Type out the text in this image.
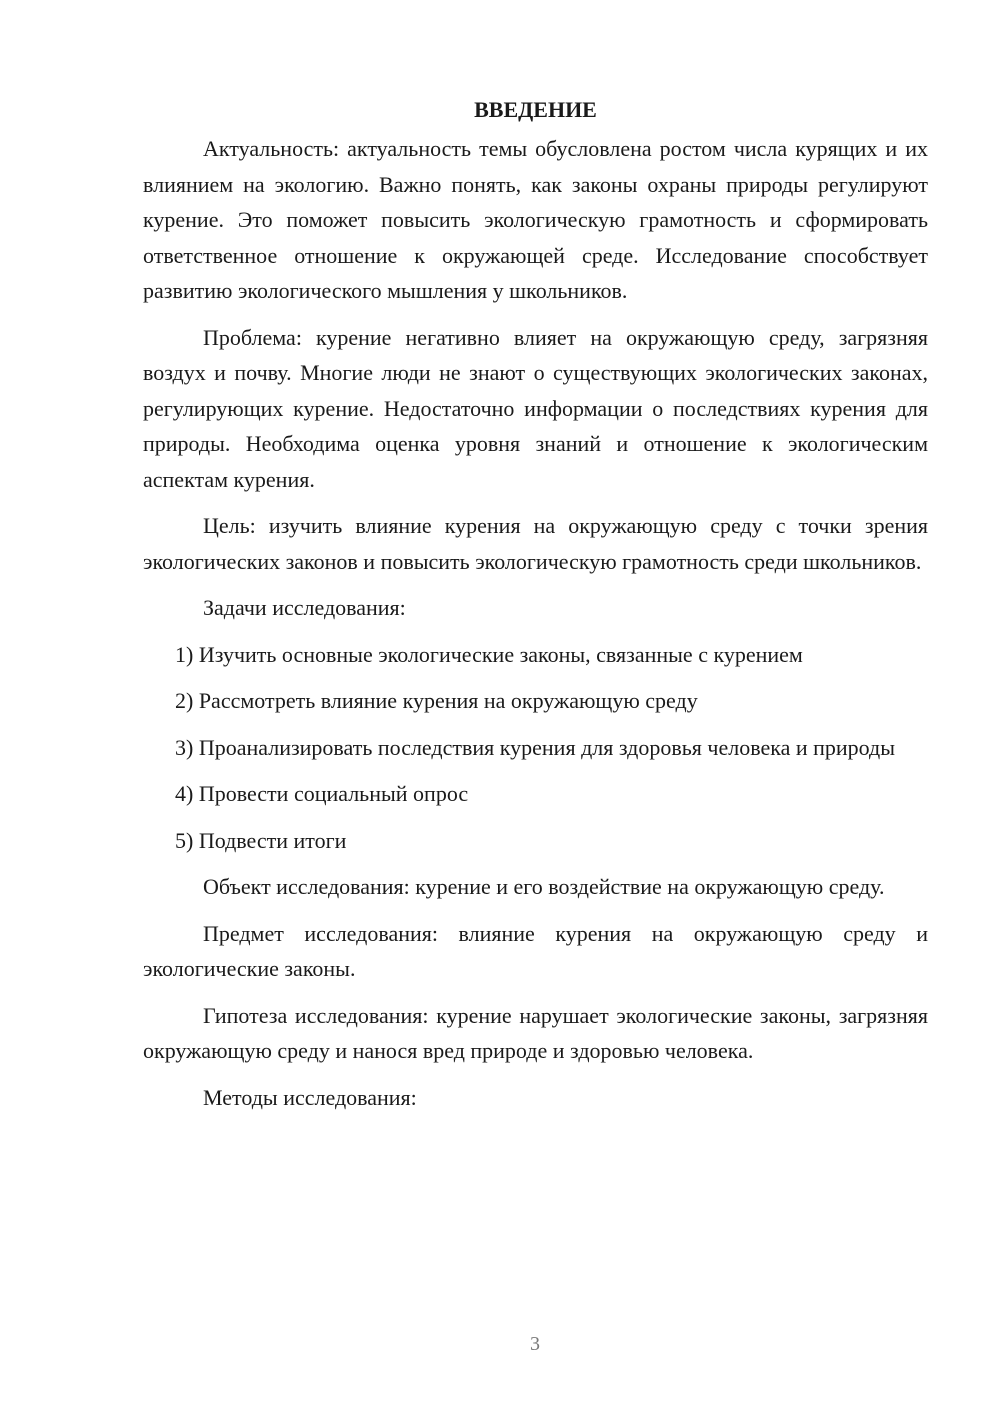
ВВЕДЕНИЕ

Актуальность: актуальность темы обусловлена ростом числа курящих и их влиянием на экологию. Важно понять, как законы охраны природы регулируют курение. Это поможет повысить экологическую грамотность и сформировать ответственное отношение к окружающей среде. Исследование способствует развитию экологического мышления у школьников.

Проблема: курение негативно влияет на окружающую среду, загрязняя воздух и почву. Многие люди не знают о существующих экологических законах, регулирующих курение. Недостаточно информации о последствиях курения для природы. Необходима оценка уровня знаний и отношение к экологическим аспектам курения.

Цель: изучить влияние курения на окружающую среду с точки зрения экологических законов и повысить экологическую грамотность среди школьников.

Задачи исследования:

1) Изучить основные экологические законы, связанные с курением

2) Рассмотреть влияние курения на окружающую среду

3) Проанализировать последствия курения для здоровья человека и природы

4) Провести социальный опрос

5) Подвести итоги

Объект исследования: курение и его воздействие на окружающую среду.

Предмет исследования: влияние курения на окружающую среду и экологические законы.

Гипотеза исследования: курение нарушает экологические законы, загрязняя окружающую среду и нанося вред природе и здоровью человека.

Методы исследования:

3
